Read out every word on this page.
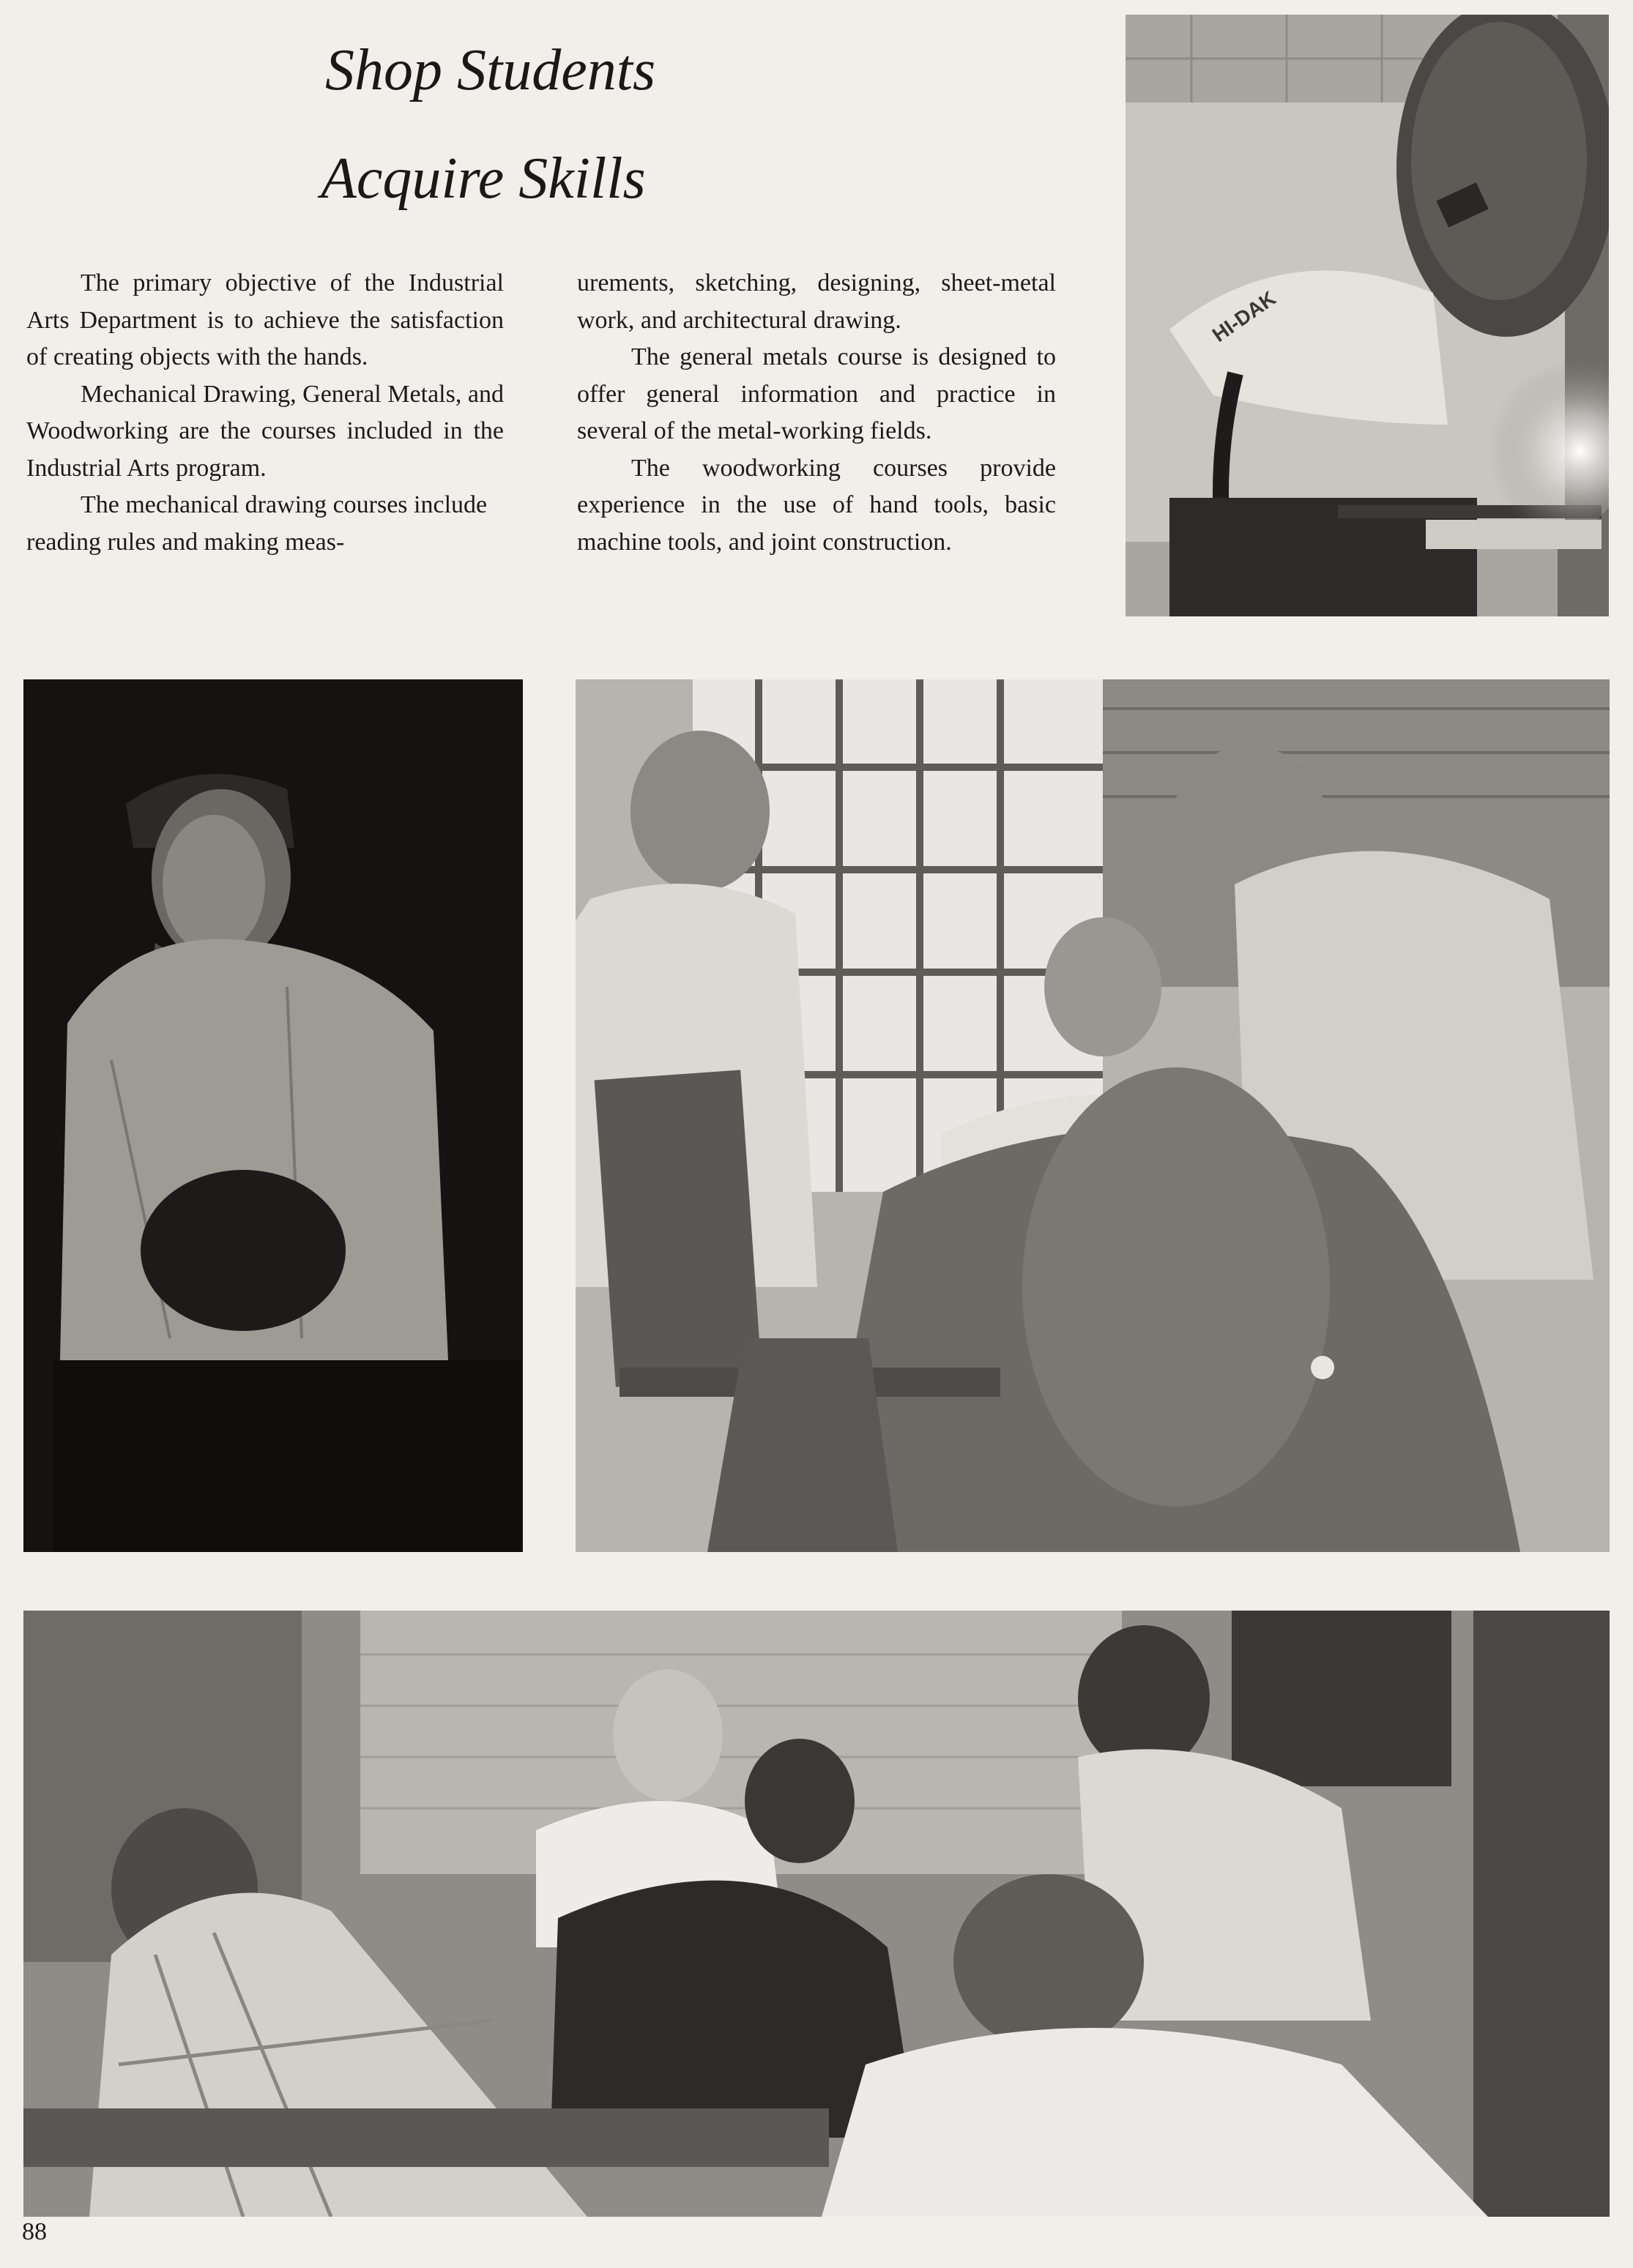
Shop Students
Acquire Skills

The primary objective of the Industrial Arts Department is to achieve the satisfaction of creating objects with the hands.

Mechanical Drawing, General Metals, and Woodworking are the courses included in the Industrial Arts program.

The mechanical drawing courses include reading rules and making meas-

urements, sketching, designing, sheet-metal work, and architectural drawing.

The general metals course is designed to offer general information and practice in several of the metal-working fields.

The woodworking courses provide experience in the use of hand tools, basic machine tools, and joint construction.

HI-DAK
88
